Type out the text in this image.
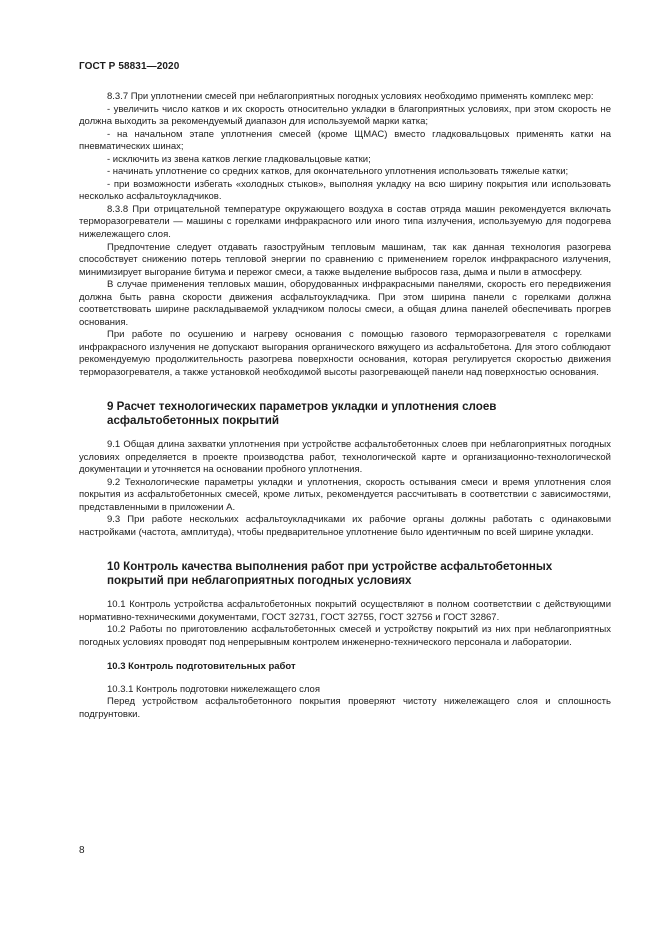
ГОСТ Р 58831—2020

8.3.7 При уплотнении смесей при неблагоприятных погодных условиях необходимо применять комплекс мер:

- увеличить число катков и их скорость относительно укладки в благоприятных условиях, при этом скорость не должна выходить за рекомендуемый диапазон для используемой марки катка;

- на начальном этапе уплотнения смесей (кроме ЩМАС) вместо гладковальцовых применять катки на пневматических шинах;

- исключить из звена катков легкие гладковальцовые катки;

- начинать уплотнение со средних катков, для окончательного уплотнения использовать тяжелые катки;

- при возможности избегать «холодных стыков», выполняя укладку на всю ширину покрытия или использовать несколько асфальтоукладчиков.

8.3.8 При отрицательной температуре окружающего воздуха в состав отряда машин рекомендуется включать терморазогреватели — машины с горелками инфракрасного или иного типа излучения, используемую для подогрева нижележащего слоя.

Предпочтение следует отдавать газоструйным тепловым машинам, так как данная технология разогрева способствует снижению потерь тепловой энергии по сравнению с применением горелок инфракрасного излучения, минимизирует выгорание битума и пережог смеси, а также выделение выбросов газа, дыма и пыли в атмосферу.

В случае применения тепловых машин, оборудованных инфракрасными панелями, скорость его передвижения должна быть равна скорости движения асфальтоукладчика. При этом ширина панели с горелками должна соответствовать ширине раскладываемой укладчиком полосы смеси, а общая длина панелей обеспечивать прогрев основания.

При работе по осушению и нагреву основания с помощью газового терморазогревателя с горелками инфракрасного излучения не допускают выгорания органического вяжущего из асфальтобетона. Для этого соблюдают рекомендуемую продолжительность разогрева поверхности основания, которая регулируется скоростью движения терморазогревателя, а также установкой необходимой высоты разогревающей панели над поверхностью основания.

9 Расчет технологических параметров укладки и уплотнения слоев асфальтобетонных покрытий

9.1 Общая длина захватки уплотнения при устройстве асфальтобетонных слоев при неблагоприятных погодных условиях определяется в проекте производства работ, технологической карте и организационно-технологической документации и уточняется на основании пробного уплотнения.

9.2 Технологические параметры укладки и уплотнения, скорость остывания смеси и время уплотнения слоя покрытия из асфальтобетонных смесей, кроме литых, рекомендуется рассчитывать в соответствии с зависимостями, представленными в приложении А.

9.3 При работе нескольких асфальтоукладчиками их рабочие органы должны работать с одинаковыми настройками (частота, амплитуда), чтобы предварительное уплотнение было идентичным по всей ширине укладки.

10 Контроль качества выполнения работ при устройстве асфальтобетонных покрытий при неблагоприятных погодных условиях

10.1 Контроль устройства асфальтобетонных покрытий осуществляют в полном соответствии с действующими нормативно-техническими документами, ГОСТ 32731, ГОСТ 32755, ГОСТ 32756 и ГОСТ 32867.

10.2 Работы по приготовлению асфальтобетонных смесей и устройству покрытий из них при неблагоприятных погодных условиях проводят под непрерывным контролем инженерно-технического персонала и лаборатории.

10.3 Контроль подготовительных работ

10.3.1 Контроль подготовки нижележащего слоя

Перед устройством асфальтобетонного покрытия проверяют чистоту нижележащего слоя и сплошность подгрунтовки.

8
